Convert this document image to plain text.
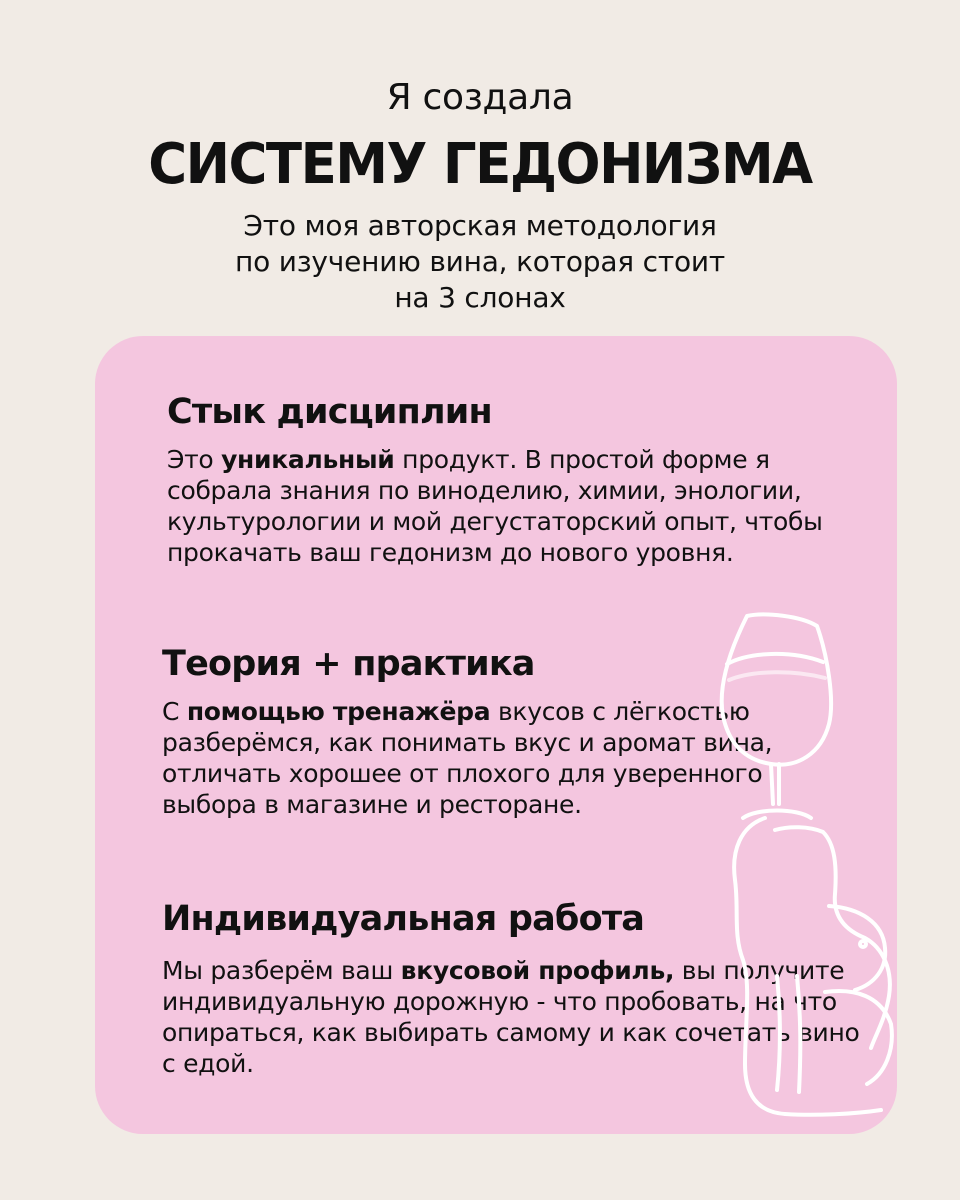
Я создала
СИСТЕМУ ГЕДОНИЗМА
Это моя авторская методология
по изучению вина, которая стоит
на 3 слонах
Стык дисциплин

Это уникальный продукт. В простой форме я собрала знания по виноделию, химии, энологии, культурологии и мой дегустаторский опыт, чтобы прокачать ваш гедонизм до нового уровня.

Теория + практика

С помощью тренажёра вкусов с лёгкостью разберёмся, как понимать вкус и аромат вина, отличать хорошее от плохого для уверенного выбора в магазине и ресторане.

Индивидуальная работа

Мы разберём ваш вкусовой профиль, вы получите индивидуальную дорожную - что пробовать, на что опираться, как выбирать самому и как сочетать вино с едой.
